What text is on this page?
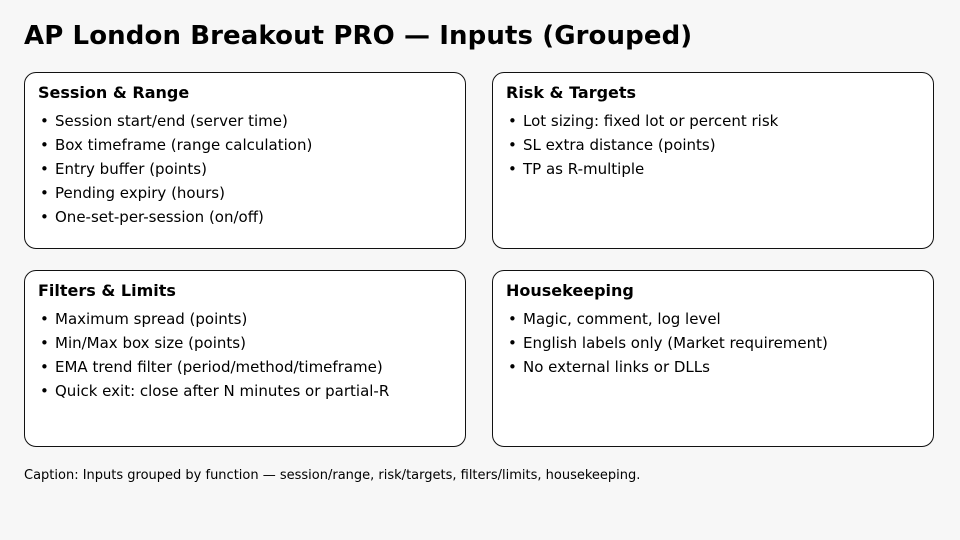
AP London Breakout PRO — Inputs (Grouped)
Session & Range
• Session start/end (server time)
• Box timeframe (range calculation)
• Entry buffer (points)
• Pending expiry (hours)
• One-set-per-session (on/off)
Risk & Targets
• Lot sizing: fixed lot or percent risk
• SL extra distance (points)
• TP as R-multiple
Filters & Limits
• Maximum spread (points)
• Min/Max box size (points)
• EMA trend filter (period/method/timeframe)
• Quick exit: close after N minutes or partial-R
Housekeeping
• Magic, comment, log level
• English labels only (Market requirement)
• No external links or DLLs

Caption: Inputs grouped by function — session/range, risk/targets, filters/limits, housekeeping.
